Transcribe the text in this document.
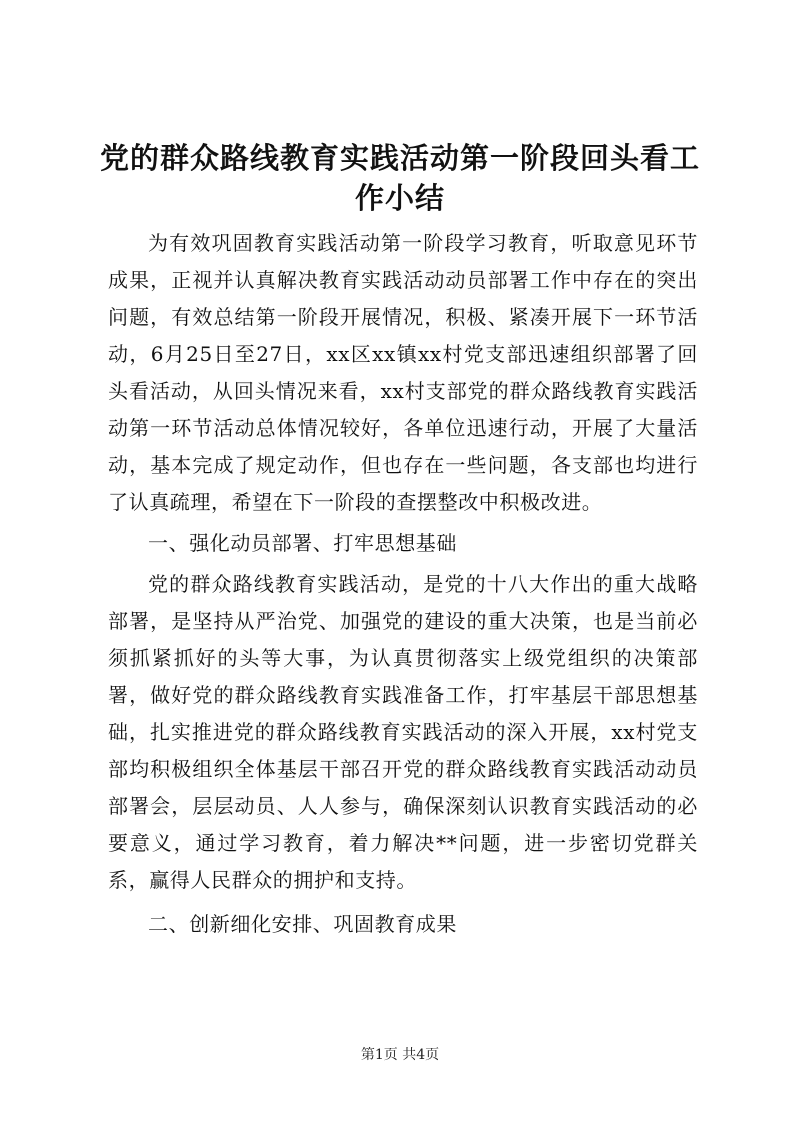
党的群众路线教育实践活动第一阶段回头看工作小结

为有效巩固教育实践活动第一阶段学习教育，听取意见环节成果，正视并认真解决教育实践活动动员部署工作中存在的突出问题，有效总结第一阶段开展情况，积极、紧凑开展下一环节活动，6月25日至27日，xx区xx镇xx村党支部迅速组织部署了回头看活动，从回头情况来看，xx村支部党的群众路线教育实践活动第一环节活动总体情况较好，各单位迅速行动，开展了大量活动，基本完成了规定动作，但也存在一些问题，各支部也均进行了认真疏理，希望在下一阶段的查摆整改中积极改进。

一、强化动员部署、打牢思想基础

党的群众路线教育实践活动，是党的十八大作出的重大战略部署，是坚持从严治党、加强党的建设的重大决策，也是当前必须抓紧抓好的头等大事，为认真贯彻落实上级党组织的决策部署，做好党的群众路线教育实践准备工作，打牢基层干部思想基础，扎实推进党的群众路线教育实践活动的深入开展，xx村党支部均积极组织全体基层干部召开党的群众路线教育实践活动动员部署会，层层动员、人人参与，确保深刻认识教育实践活动的必要意义，通过学习教育，着力解决**问题，进一步密切党群关系，赢得人民群众的拥护和支持。

二、创新细化安排、巩固教育成果

第1页 共4页
